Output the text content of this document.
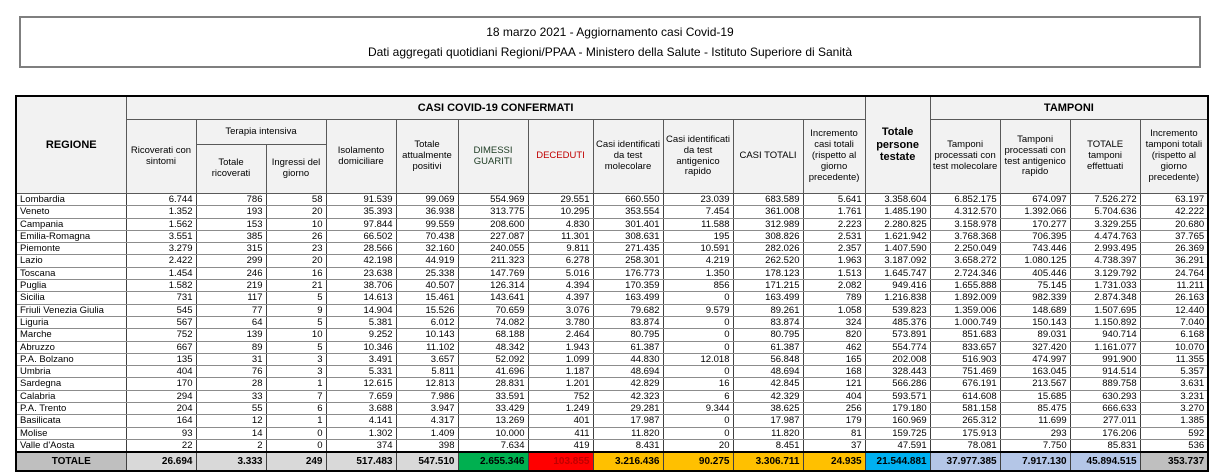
18 marzo 2021 - Aggiornamento casi Covid-19
Dati aggregati quotidiani Regioni/PPAA - Ministero della Salute - Istituto Superiore di Sanità
REGIONE	CASI COVID-19 CONFERMATI											Totale persone testate	TAMPONI			
	Ricoverati con sintomi	Terapia intensiva		Isolamento domiciliare	Totale attualmente positivi	DIMESSI GUARITI	DECEDUTI	Casi identificati da test molecolare	Casi identificati da test antigenico rapido	CASI TOTALI	Incremento casi totali (rispetto al giorno precedente)		Tamponi processati con test molecolare	Tamponi processati con test antigenico rapido	TOTALE tamponi effettuati	Incremento tamponi totali (rispetto al giorno precedente)
		Totale ricoverati	Ingressi del giorno													
Lombardia	6.744	786	58	91.539	99.069	554.969	29.551	660.550	23.039	683.589	5.641	3.358.604	6.852.175	674.097	7.526.272	63.197
Veneto	1.352	193	20	35.393	36.938	313.775	10.295	353.554	7.454	361.008	1.761	1.485.190	4.312.570	1.392.066	5.704.636	42.222
Campania	1.562	153	10	97.844	99.559	208.600	4.830	301.401	11.588	312.989	2.223	2.280.825	3.158.978	170.277	3.329.255	20.680
Emilia-Romagna	3.551	385	26	66.502	70.438	227.087	11.301	308.631	195	308.826	2.531	1.621.942	3.768.368	706.395	4.474.763	37.765
Piemonte	3.279	315	23	28.566	32.160	240.055	9.811	271.435	10.591	282.026	2.357	1.407.590	2.250.049	743.446	2.993.495	26.369
Lazio	2.422	299	20	42.198	44.919	211.323	6.278	258.301	4.219	262.520	1.963	3.187.092	3.658.272	1.080.125	4.738.397	36.291
Toscana	1.454	246	16	23.638	25.338	147.769	5.016	176.773	1.350	178.123	1.513	1.645.747	2.724.346	405.446	3.129.792	24.764
Puglia	1.582	219	21	38.706	40.507	126.314	4.394	170.359	856	171.215	2.082	949.416	1.655.888	75.145	1.731.033	11.211
Sicilia	731	117	5	14.613	15.461	143.641	4.397	163.499	0	163.499	789	1.216.838	1.892.009	982.339	2.874.348	26.163
Friuli Venezia Giulia	545	77	9	14.904	15.526	70.659	3.076	79.682	9.579	89.261	1.058	539.823	1.359.006	148.689	1.507.695	12.440
Liguria	567	64	5	5.381	6.012	74.082	3.780	83.874	0	83.874	324	485.376	1.000.749	150.143	1.150.892	7.040
Marche	752	139	10	9.252	10.143	68.188	2.464	80.795	0	80.795	820	573.891	851.683	89.031	940.714	6.168
Abruzzo	667	89	5	10.346	11.102	48.342	1.943	61.387	0	61.387	462	554.774	833.657	327.420	1.161.077	10.070
P.A. Bolzano	135	31	3	3.491	3.657	52.092	1.099	44.830	12.018	56.848	165	202.008	516.903	474.997	991.900	11.355
Umbria	404	76	3	5.331	5.811	41.696	1.187	48.694	0	48.694	168	328.443	751.469	163.045	914.514	5.357
Sardegna	170	28	1	12.615	12.813	28.831	1.201	42.829	16	42.845	121	566.286	676.191	213.567	889.758	3.631
Calabria	294	33	7	7.659	7.986	33.591	752	42.323	6	42.329	404	593.571	614.608	15.685	630.293	3.231
P.A. Trento	204	55	6	3.688	3.947	33.429	1.249	29.281	9.344	38.625	256	179.180	581.158	85.475	666.633	3.270
Basilicata	164	12	1	4.141	4.317	13.269	401	17.987	0	17.987	179	160.969	265.312	11.699	277.011	1.385
Molise	93	14	0	1.302	1.409	10.000	411	11.820	0	11.820	81	159.725	175.913	293	176.206	592
Valle d'Aosta	22	2	0	374	398	7.634	419	8.431	20	8.451	37	47.591	78.081	7.750	85.831	536
TOTALE	26.694	3.333	249	517.483	547.510	2.655.346	103.855	3.216.436	90.275	3.306.711	24.935	21.544.881	37.977.385	7.917.130	45.894.515	353.737
